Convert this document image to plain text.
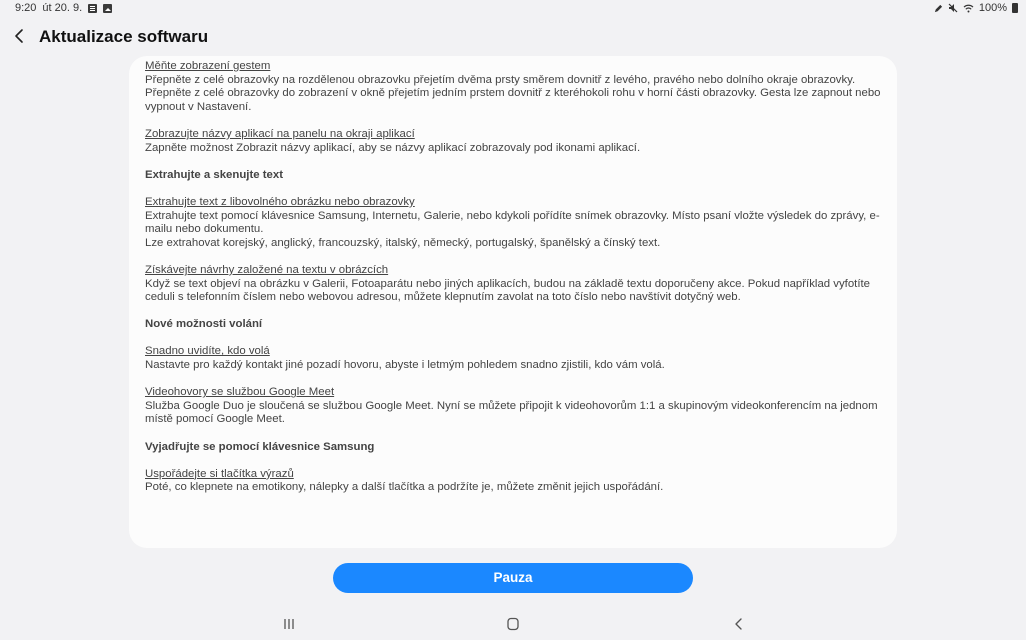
9:20 út 20. 9.	100%
Aktualizace softwaru
Měňte zobrazení gestem
Přepněte z celé obrazovky na rozdělenou obrazovku přejetím dvěma prsty směrem dovnitř z levého, pravého nebo dolního okraje obrazovky.
Přepněte z celé obrazovky do zobrazení v okně přejetím jedním prstem dovnitř z kteréhokoli rohu v horní části obrazovky. Gesta lze zapnout nebo vypnout v Nastavení.
Zobrazujte názvy aplikací na panelu na okraji aplikací
Zapněte možnost Zobrazit názvy aplikací, aby se názvy aplikací zobrazovaly pod ikonami aplikací.
Extrahujte a skenujte text
Extrahujte text z libovolného obrázku nebo obrazovky
Extrahujte text pomocí klávesnice Samsung, Internetu, Galerie, nebo kdykoli pořídíte snímek obrazovky. Místo psaní vložte výsledek do zprávy, e-mailu nebo dokumentu.
Lze extrahovat korejský, anglický, francouzský, italský, německý, portugalský, španělský a čínský text.
Získávejte návrhy založené na textu v obrázcích
Když se text objeví na obrázku v Galerii, Fotoaparátu nebo jiných aplikacích, budou na základě textu doporučeny akce. Pokud například vyfotíte ceduli s telefonním číslem nebo webovou adresou, můžete klepnutím zavolat na toto číslo nebo navštívit dotyčný web.
Nové možnosti volání
Snadno uvidíte, kdo volá
Nastavte pro každý kontakt jiné pozadí hovoru, abyste i letmým pohledem snadno zjistili, kdo vám volá.
Videohovory se službou Google Meet
Služba Google Duo je sloučená se službou Google Meet. Nyní se můžete připojit k videohovorům 1:1 a skupinovým videokonferencím na jednom místě pomocí Google Meet.
Vyjadřujte se pomocí klávesnice Samsung
Uspořádejte si tlačítka výrazů
Poté, co klepnete na emotikony, nálepky a další tlačítka a podržíte je, můžete změnit jejich uspořádání.
Pauza
